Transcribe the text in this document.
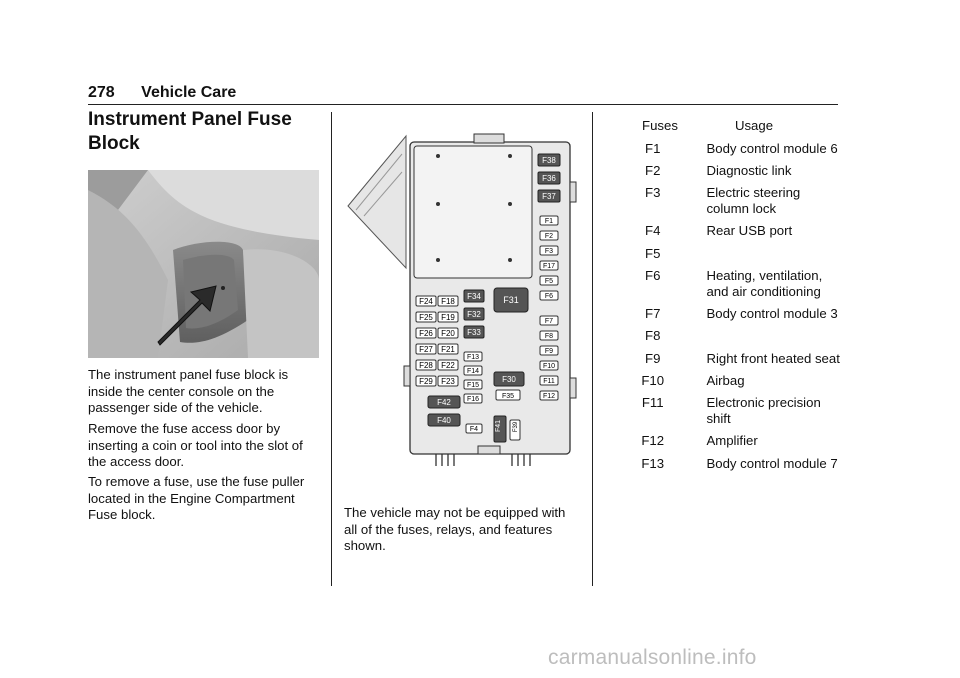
278 Vehicle Care
Instrument Panel Fuse Block

The instrument panel fuse block is inside the center console on the passenger side of the vehicle.

Remove the fuse access door by inserting a coin or tool into the slot of the access door.

To remove a fuse, use the fuse puller located in the Engine Compartment Fuse block.

F24
F25
F26
F27
F28
F29
F18
F19
F20
F21
F22
F23
F34
F32
F33
F31
F13
F14
F15
F16
F30
F35
F42
F40
F4 F41 F39
F38
F36
F37
F1
F2
F3
F17
F5
F6
F7
F8
F9
F10
F11
F12

The vehicle may not be equipped with all of the fuses, relays, and features shown.

Fuses	Usage
F1	Body control module 6
F2	Diagnostic link
F3	Electric steering column lock
F4	Rear USB port
F5
F6	Heating, ventilation, and air conditioning
F7	Body control module 3
F8
F9	Right front heated seat
F10	Airbag
F11	Electronic precision shift
F12	Amplifier
F13	Body control module 7
carmanualsonline.info
